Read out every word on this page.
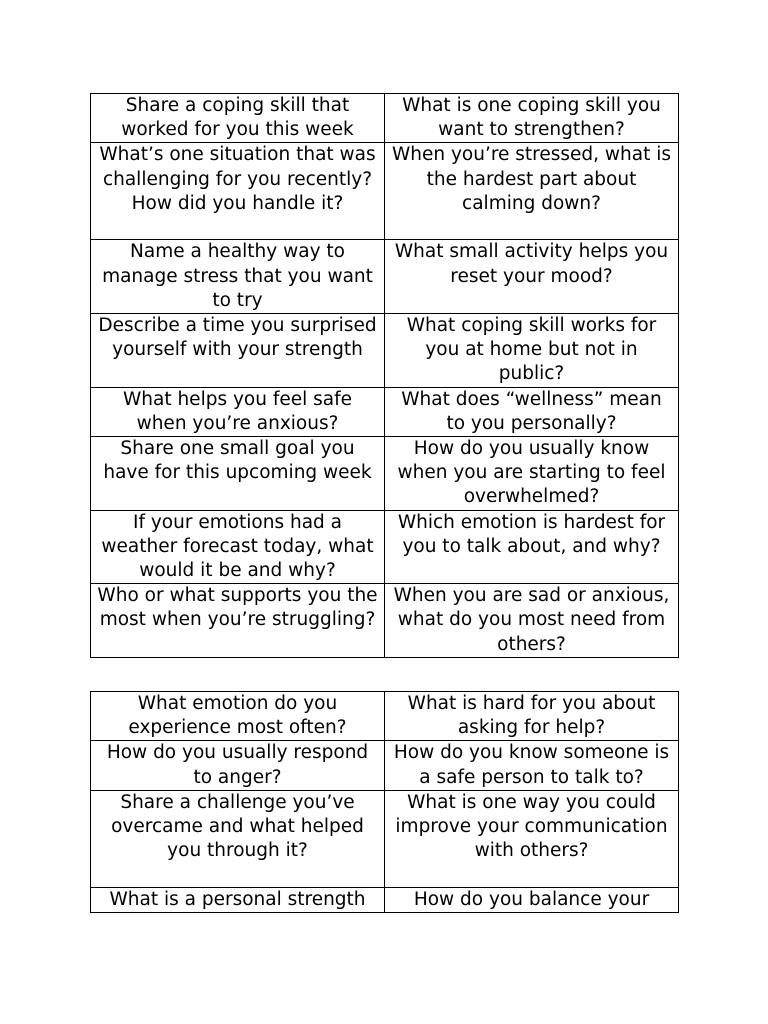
Share a coping skill that worked for you this week	What is one coping skill you want to strengthen?
What’s one situation that was challenging for you recently? How did you handle it?	When you’re stressed, what is the hardest part about calming down?
Name a healthy way to manage stress that you want to try	What small activity helps you reset your mood?
Describe a time you surprised yourself with your strength	What coping skill works for you at home but not in public?
What helps you feel safe when you’re anxious?	What does “wellness” mean to you personally?
Share one small goal you have for this upcoming week	How do you usually know when you are starting to feel overwhelmed?
If your emotions had a weather forecast today, what would it be and why?	Which emotion is hardest for you to talk about, and why?
Who or what supports you the most when you’re struggling?	When you are sad or anxious, what do you most need from others?
What emotion do you experience most often?	What is hard for you about asking for help?
How do you usually respond to anger?	How do you know someone is a safe person to talk to?
Share a challenge you’ve overcame and what helped you through it?	What is one way you could improve your communication with others?
What is a personal strength	How do you balance your
